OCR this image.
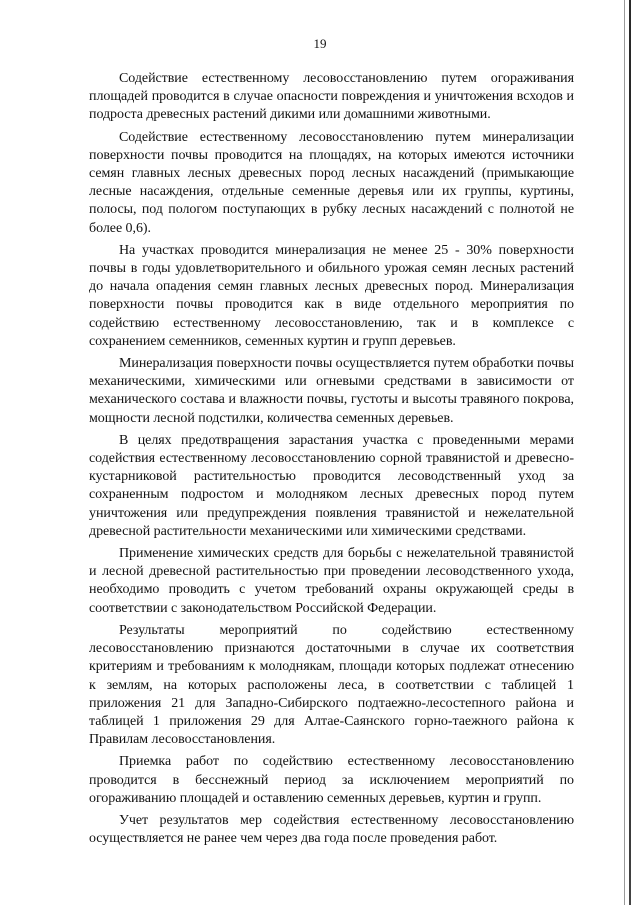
19

Содействие естественному лесовосстановлению путем огораживания площадей проводится в случае опасности повреждения и уничтожения всходов и подроста древесных растений дикими или домашними животными.

Содействие естественному лесовосстановлению путем минерализации поверхности почвы проводится на площадях, на которых имеются источники семян главных лесных древесных пород лесных насаждений (примыкающие лесные насаждения, отдельные семенные деревья или их группы, куртины, полосы, под пологом поступающих в рубку лесных насаждений с полнотой не более 0,6).

На участках проводится минерализация не менее 25 - 30% поверхности почвы в годы удовлетворительного и обильного урожая семян лесных растений до начала опадения семян главных лесных древесных пород. Минерализация поверхности почвы проводится как в виде отдельного мероприятия по содействию естественному лесовосстановлению, так и в комплексе с сохранением семенников, семенных куртин и групп деревьев.

Минерализация поверхности почвы осуществляется путем обработки почвы механическими, химическими или огневыми средствами в зависимости от механического состава и влажности почвы, густоты и высоты травяного покрова, мощности лесной подстилки, количества семенных деревьев.

В целях предотвращения зарастания участка с проведенными мерами содействия естественному лесовосстановлению сорной травянистой и древесно-кустарниковой растительностью проводится лесоводственный уход за сохраненным подростом и молодняком лесных древесных пород путем уничтожения или предупреждения появления травянистой и нежелательной древесной растительности механическими или химическими средствами.

Применение химических средств для борьбы с нежелательной травянистой и лесной древесной растительностью при проведении лесоводственного ухода, необходимо проводить с учетом требований охраны окружающей среды в соответствии с законодательством Российской Федерации.

Результаты мероприятий по содействию естественному лесовосстановлению признаются достаточными в случае их соответствия критериям и требованиям к молоднякам, площади которых подлежат отнесению к землям, на которых расположены леса, в соответствии с таблицей 1 приложения 21 для Западно-Сибирского подтаежно-лесостепного района и таблицей 1 приложения 29 для Алтае-Саянского горно-таежного района к Правилам лесовосстановления.

Приемка работ по содействию естественному лесовосстановлению проводится в бесснежный период за исключением мероприятий по огораживанию площадей и оставлению семенных деревьев, куртин и групп.

Учет результатов мер содействия естественному лесовосстановлению осуществляется не ранее чем через два года после проведения работ.
